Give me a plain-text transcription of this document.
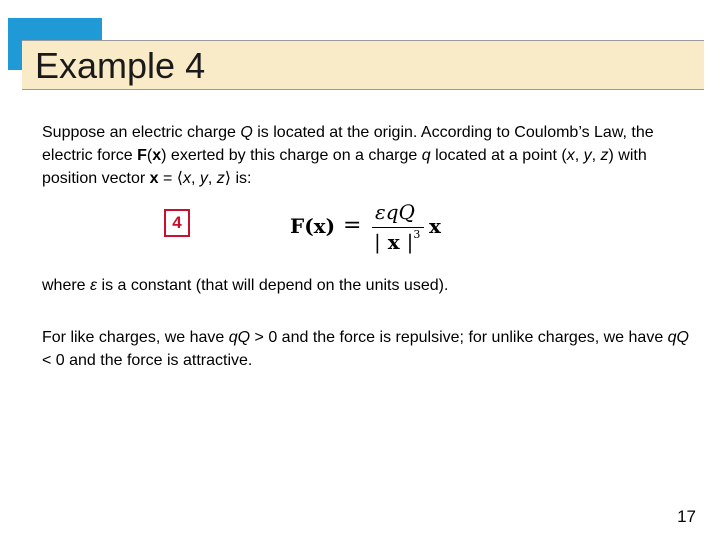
Example 4
Suppose an electric charge Q is located at the origin. According to Coulomb’s Law, the electric force F(x) exerted by this charge on a charge q located at a point (x, y, z) with position vector x = ⟨x, y, z⟩ is:
4	F(x) =
εqQ
| x $|^3$ x
where ε is a constant (that will depend on the units used).
For like charges, we have qQ > 0 and the force is repulsive; for unlike charges, we have qQ < 0 and the force is attractive.
17
